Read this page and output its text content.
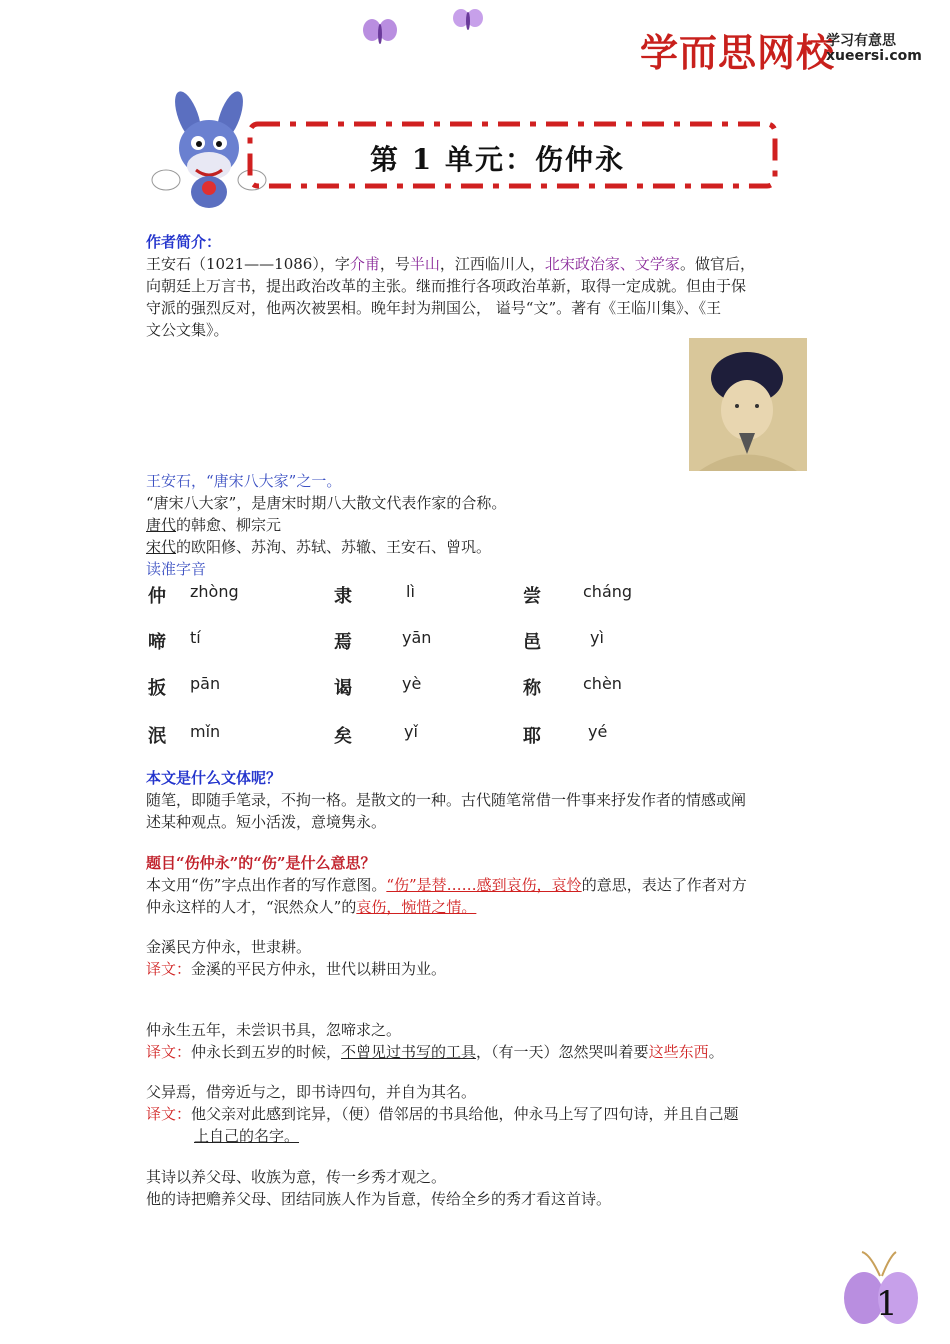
学而思网校
学习有意思
xueersi.com
第 1 单元：伤仲永
作者简介：
王安石（1021——1086），字介甫，号半山，江西临川人，北宋政治家、文学家。做官后，
向朝廷上万言书，提出政治改革的主张。继而推行各项政治革新，取得一定成就。但由于保
守派的强烈反对，他两次被罢相。晚年封为荆国公， 谥号“文”。著有《王临川集》、《王
文公文集》。
王安石，“唐宋八大家”之一。
“唐宋八大家”，是唐宋时期八大散文代表作家的合称。
唐代的韩愈、柳宗元
宋代的欧阳修、苏洵、苏轼、苏辙、王安石、曾巩。
读准字音
仲 zhòng	隶	lì	尝	cháng
啼 tí	焉	yān	邑	yì
扳 pān	谒	yè	称	chèn
泯 mǐn	矣	yǐ	耶	yé
本文是什么文体呢？
随笔，即随手笔录，不拘一格。是散文的一种。古代随笔常借一件事来抒发作者的情感或阐
述某种观点。短小活泼，意境隽永。
题目“伤仲永”的“伤”是什么意思？
本文用“伤”字点出作者的写作意图。“伤”是替……感到哀伤，哀怜的意思，表达了作者对方
仲永这样的人才，“泯然众人”的哀伤，惋惜之情。
金溪民方仲永，世隶耕。
译文：金溪的平民方仲永，世代以耕田为业。
仲永生五年，未尝识书具，忽啼求之。
译文：仲永长到五岁的时候，不曾见过书写的工具，（有一天）忽然哭叫着要这些东西。
父异焉，借旁近与之，即书诗四句，并自为其名。
译文：他父亲对此感到诧异，（便）借邻居的书具给他，仲永马上写了四句诗，并且自己题
上自己的名字。
其诗以养父母、收族为意，传一乡秀才观之。
他的诗把赡养父母、团结同族人作为旨意，传给全乡的秀才看这首诗。
1
